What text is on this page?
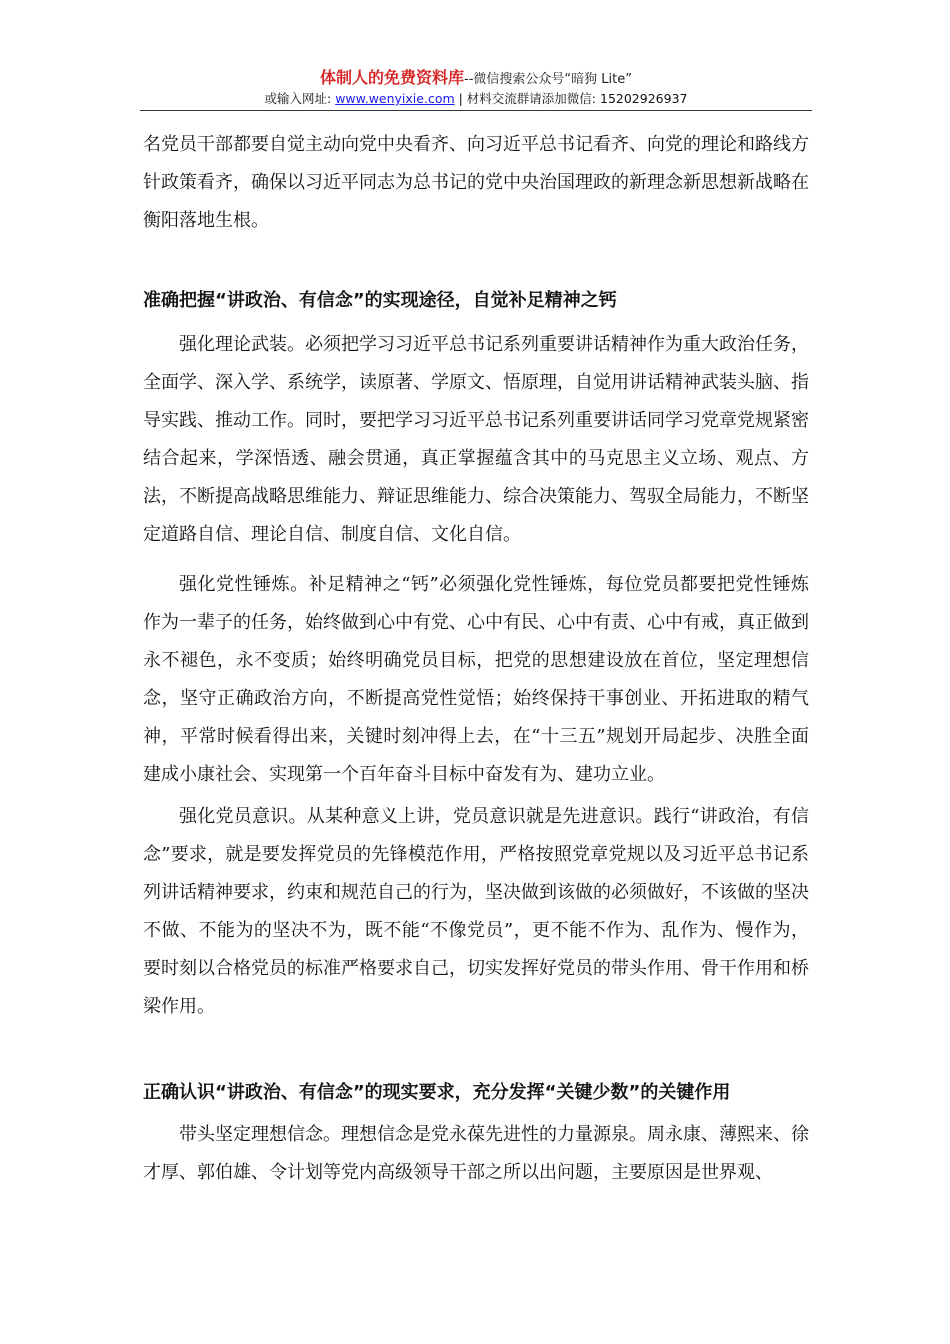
体制人的免费资料库--微信搜索公众号“暗狗 Lite”
或输入网址: www.wenyixie.com | 材料交流群请添加微信: 15202926937

名党员干部都要自觉主动向党中央看齐、向习近平总书记看齐、向党的理论和路线方针政策看齐，确保以习近平同志为总书记的党中央治国理政的新理念新思想新战略在衡阳落地生根。

准确把握“讲政治、有信念”的实现途径，自觉补足精神之钙

强化理论武装。必须把学习习近平总书记系列重要讲话精神作为重大政治任务，全面学、深入学、系统学，读原著、学原文、悟原理，自觉用讲话精神武装头脑、指导实践、推动工作。同时，要把学习习近平总书记系列重要讲话同学习党章党规紧密结合起来，学深悟透、融会贯通，真正掌握蕴含其中的马克思主义立场、观点、方法，不断提高战略思维能力、辩证思维能力、综合决策能力、驾驭全局能力，不断坚定道路自信、理论自信、制度自信、文化自信。

强化党性锤炼。补足精神之“钙”必须强化党性锤炼，每位党员都要把党性锤炼作为一辈子的任务，始终做到心中有党、心中有民、心中有责、心中有戒，真正做到永不褪色，永不变质；始终明确党员目标，把党的思想建设放在首位，坚定理想信念，坚守正确政治方向，不断提高党性觉悟；始终保持干事创业、开拓进取的精气神，平常时候看得出来，关键时刻冲得上去，在“十三五”规划开局起步、决胜全面建成小康社会、实现第一个百年奋斗目标中奋发有为、建功立业。

强化党员意识。从某种意义上讲，党员意识就是先进意识。践行“讲政治，有信念”要求，就是要发挥党员的先锋模范作用，严格按照党章党规以及习近平总书记系列讲话精神要求，约束和规范自己的行为，坚决做到该做的必须做好，不该做的坚决不做、不能为的坚决不为，既不能“不像党员”，更不能不作为、乱作为、慢作为，要时刻以合格党员的标准严格要求自己，切实发挥好党员的带头作用、骨干作用和桥梁作用。

正确认识“讲政治、有信念”的现实要求，充分发挥“关键少数”的关键作用

带头坚定理想信念。理想信念是党永葆先进性的力量源泉。周永康、薄熙来、徐才厚、郭伯雄、令计划等党内高级领导干部之所以出问题，主要原因是世界观、
